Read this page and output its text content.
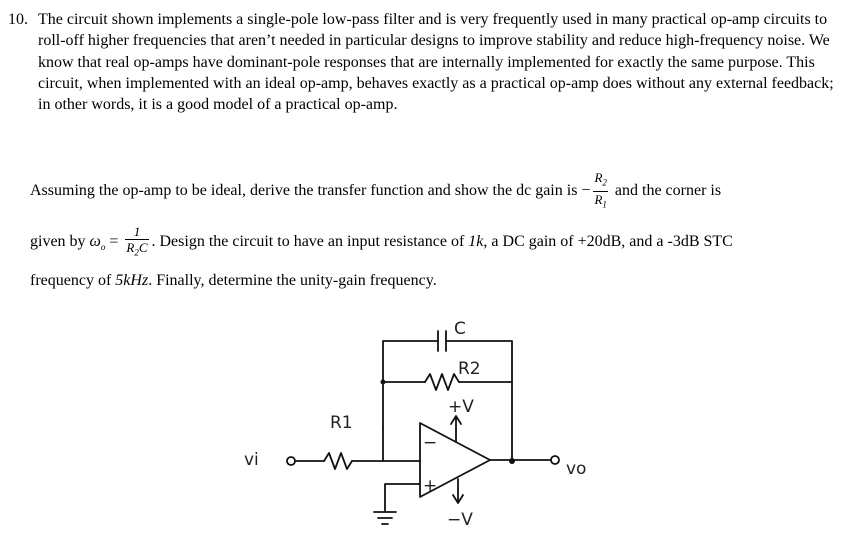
10. The circuit shown implements a single-pole low-pass filter and is very frequently used in many practical op-amp circuits to roll-off higher frequencies that aren’t needed in particular designs to improve stability and reduce high-frequency noise. We know that real op-amps have dominant-pole responses that are internally implemented for exactly the same purpose. This circuit, when implemented with an ideal op-amp, behaves exactly as a practical op-amp does without any external feedback; in other words, it is a good model of a practical op-amp.

Assuming the op-amp to be ideal, derive the transfer function and show the dc gain is − $\frac{R_2}{R_1}$ and the corner is
given by $\omega_o = \frac{1}{R_2C}$ . Design the circuit to have an input resistance of 1k, a DC gain of +20dB, and a -3dB STC
frequency of 5kHz. Finally, determine the unity-gain frequency.
C
R2
R1
+V
−V
vi	vo
−
+
